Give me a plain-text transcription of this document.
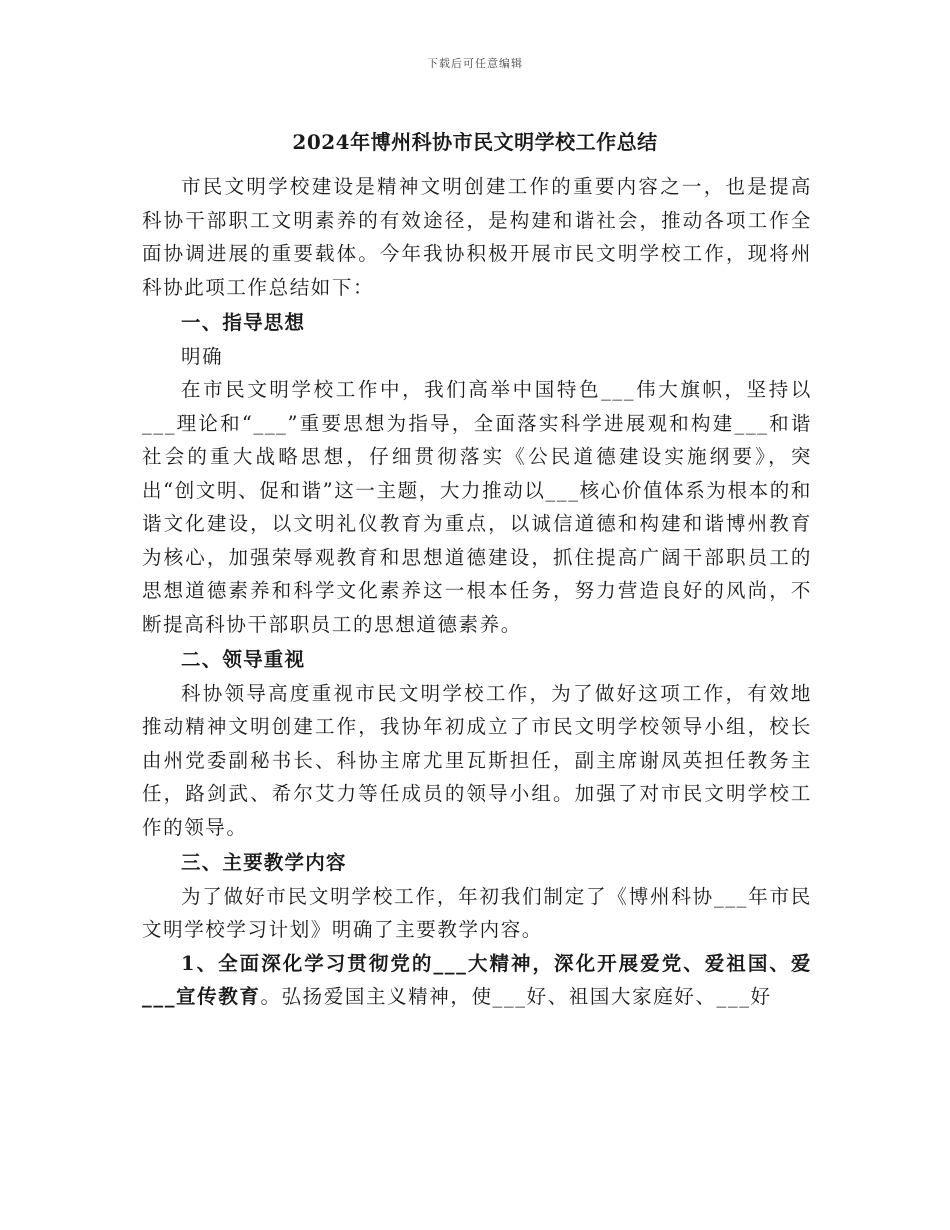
下载后可任意编辑
2024年博州科协市民文明学校工作总结

市民文明学校建设是精神文明创建工作的重要内容之一，也是提高科协干部职工文明素养的有效途径，是构建和谐社会，推动各项工作全面协调进展的重要载体。今年我协积极开展市民文明学校工作，现将州科协此项工作总结如下：

一、指导思想

明确

在市民文明学校工作中，我们高举中国特色___伟大旗帜，坚持以___理论和“___”重要思想为指导，全面落实科学进展观和构建___和谐社会的重大战略思想，仔细贯彻落实《公民道德建设实施纲要》，突出“创文明、促和谐”这一主题，大力推动以___核心价值体系为根本的和谐文化建设，以文明礼仪教育为重点，以诚信道德和构建和谐博州教育为核心，加强荣辱观教育和思想道德建设，抓住提高广阔干部职员工的思想道德素养和科学文化素养这一根本任务，努力营造良好的风尚，不断提高科协干部职员工的思想道德素养。

二、领导重视

科协领导高度重视市民文明学校工作，为了做好这项工作，有效地推动精神文明创建工作，我协年初成立了市民文明学校领导小组，校长由州党委副秘书长、科协主席尤里瓦斯担任，副主席谢凤英担任教务主任，路剑武、希尔艾力等任成员的领导小组。加强了对市民文明学校工作的领导。

三、主要教学内容

为了做好市民文明学校工作，年初我们制定了《博州科协___年市民文明学校学习计划》明确了主要教学内容。

1、全面深化学习贯彻党的___大精神，深化开展爱党、爱祖国、爱___宣传教育。弘扬爱国主义精神，使___好、祖国大家庭好、___好
